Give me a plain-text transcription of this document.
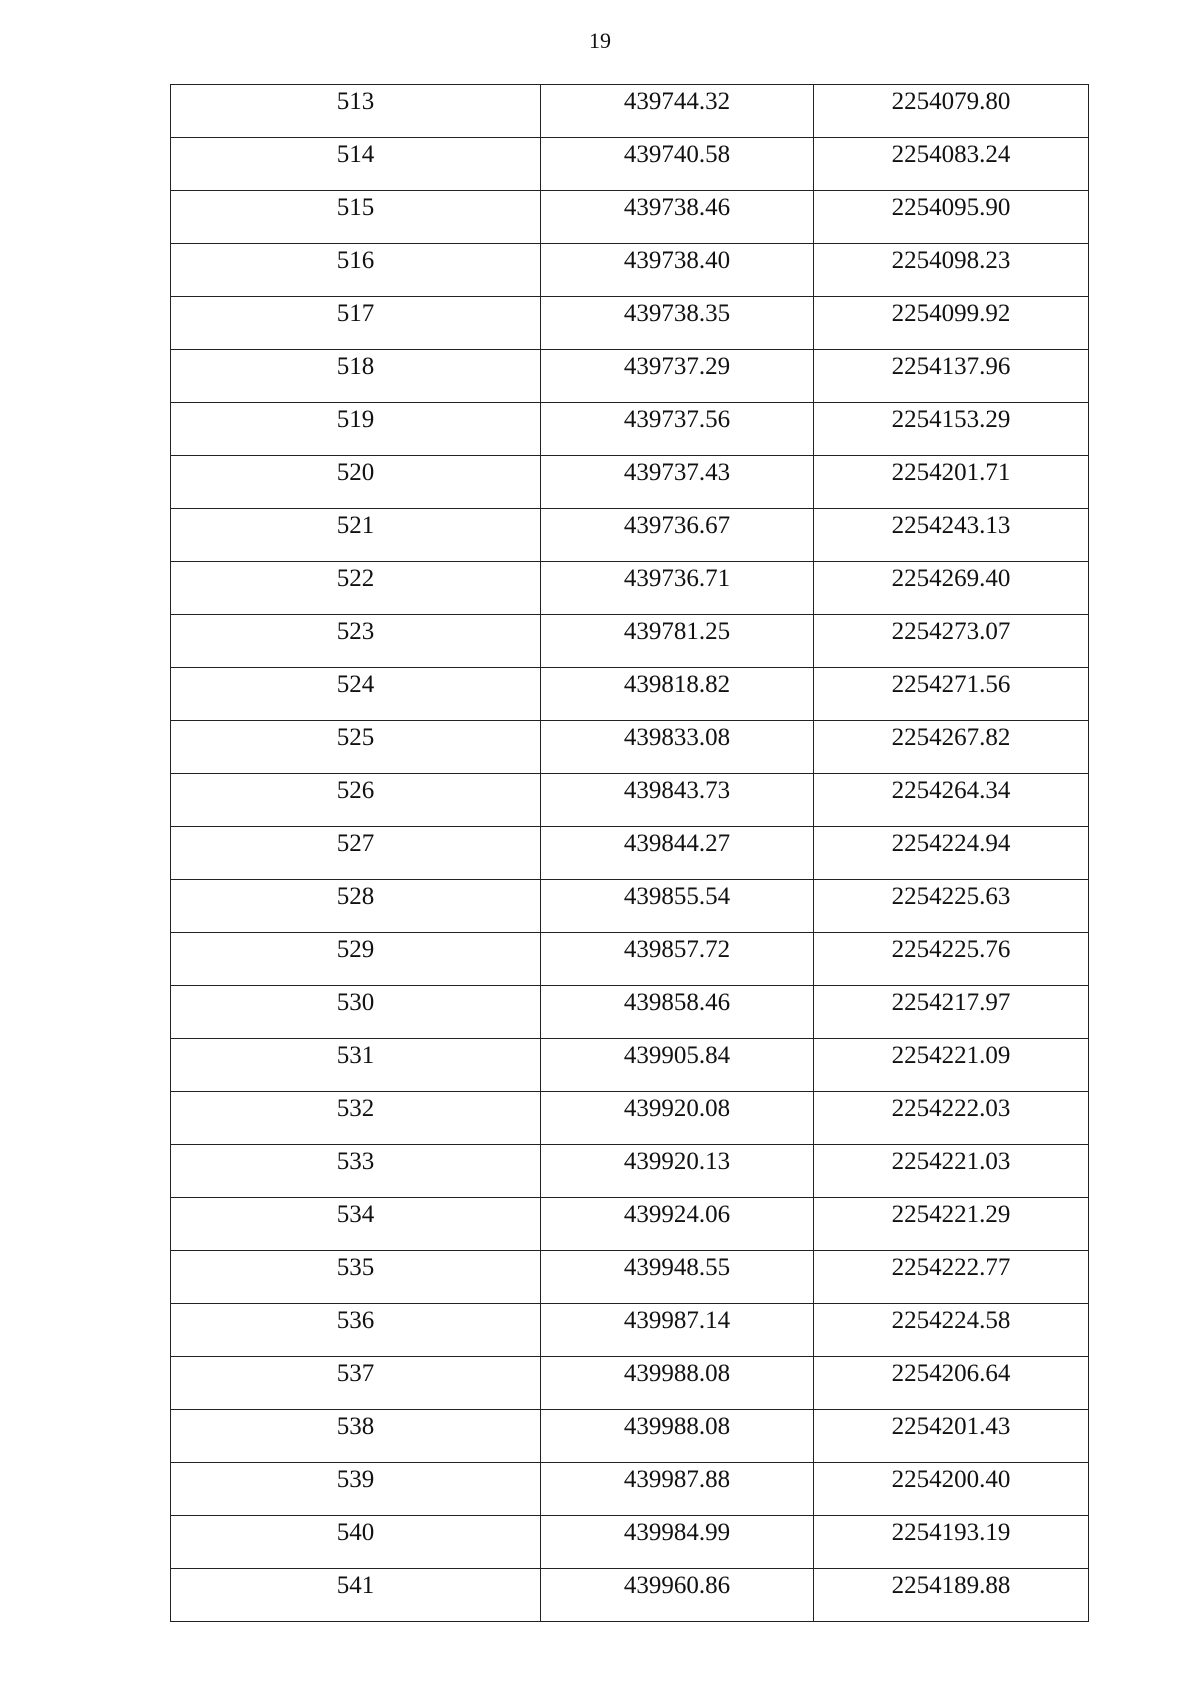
19
513	439744.32	2254079.80
514	439740.58	2254083.24
515	439738.46	2254095.90
516	439738.40	2254098.23
517	439738.35	2254099.92
518	439737.29	2254137.96
519	439737.56	2254153.29
520	439737.43	2254201.71
521	439736.67	2254243.13
522	439736.71	2254269.40
523	439781.25	2254273.07
524	439818.82	2254271.56
525	439833.08	2254267.82
526	439843.73	2254264.34
527	439844.27	2254224.94
528	439855.54	2254225.63
529	439857.72	2254225.76
530	439858.46	2254217.97
531	439905.84	2254221.09
532	439920.08	2254222.03
533	439920.13	2254221.03
534	439924.06	2254221.29
535	439948.55	2254222.77
536	439987.14	2254224.58
537	439988.08	2254206.64
538	439988.08	2254201.43
539	439987.88	2254200.40
540	439984.99	2254193.19
541	439960.86	2254189.88
